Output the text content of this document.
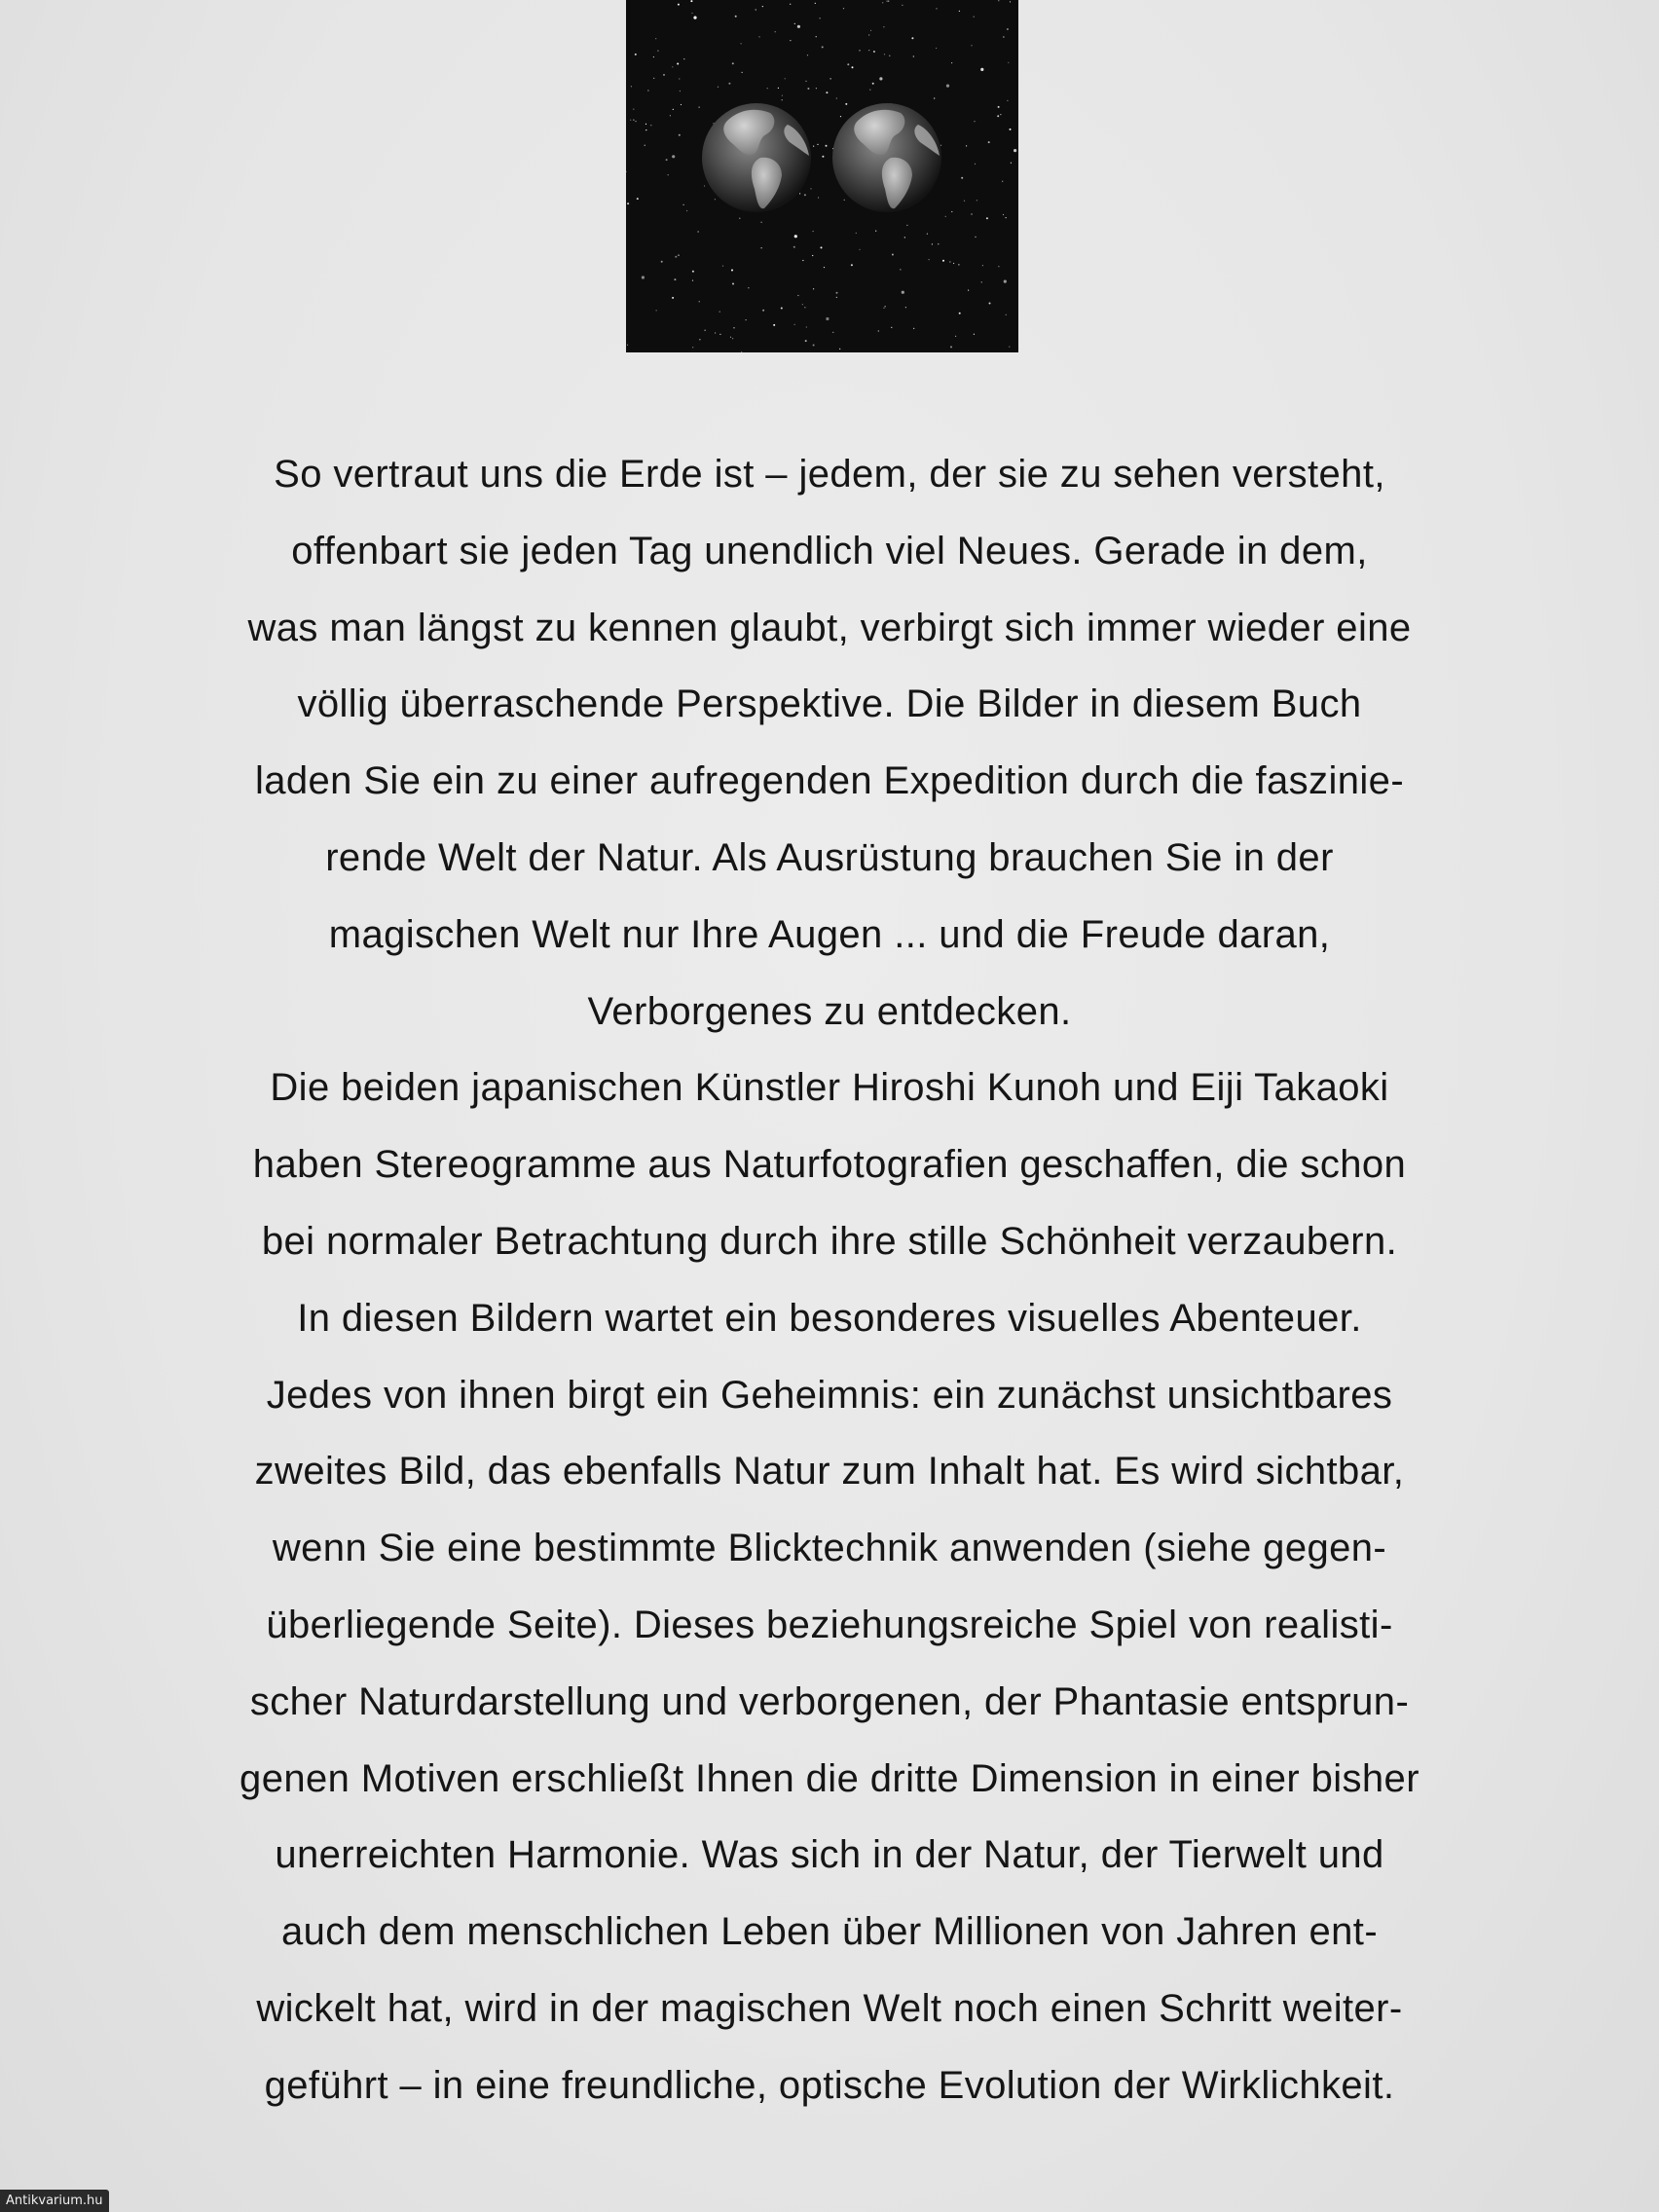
So vertraut uns die Erde ist – jedem, der sie zu sehen versteht,
offenbart sie jeden Tag unendlich viel Neues. Gerade in dem,
was man längst zu kennen glaubt, verbirgt sich immer wieder eine
völlig überraschende Perspektive. Die Bilder in diesem Buch
laden Sie ein zu einer aufregenden Expedition durch die faszinie-
rende Welt der Natur. Als Ausrüstung brauchen Sie in der
magischen Welt nur Ihre Augen ... und die Freude daran,
Verborgenes zu entdecken.
Die beiden japanischen Künstler Hiroshi Kunoh und Eiji Takaoki
haben Stereogramme aus Naturfotografien geschaffen, die schon
bei normaler Betrachtung durch ihre stille Schönheit verzaubern.
In diesen Bildern wartet ein besonderes visuelles Abenteuer.
Jedes von ihnen birgt ein Geheimnis: ein zunächst unsichtbares
zweites Bild, das ebenfalls Natur zum Inhalt hat. Es wird sichtbar,
wenn Sie eine bestimmte Blicktechnik anwenden (siehe gegen-
überliegende Seite). Dieses beziehungsreiche Spiel von realisti-
scher Naturdarstellung und verborgenen, der Phantasie entsprun-
genen Motiven erschließt Ihnen die dritte Dimension in einer bisher
unerreichten Harmonie. Was sich in der Natur, der Tierwelt und
auch dem menschlichen Leben über Millionen von Jahren ent-
wickelt hat, wird in der magischen Welt noch einen Schritt weiter-
geführt – in eine freundliche, optische Evolution der Wirklichkeit.
Antikvarium.hu
